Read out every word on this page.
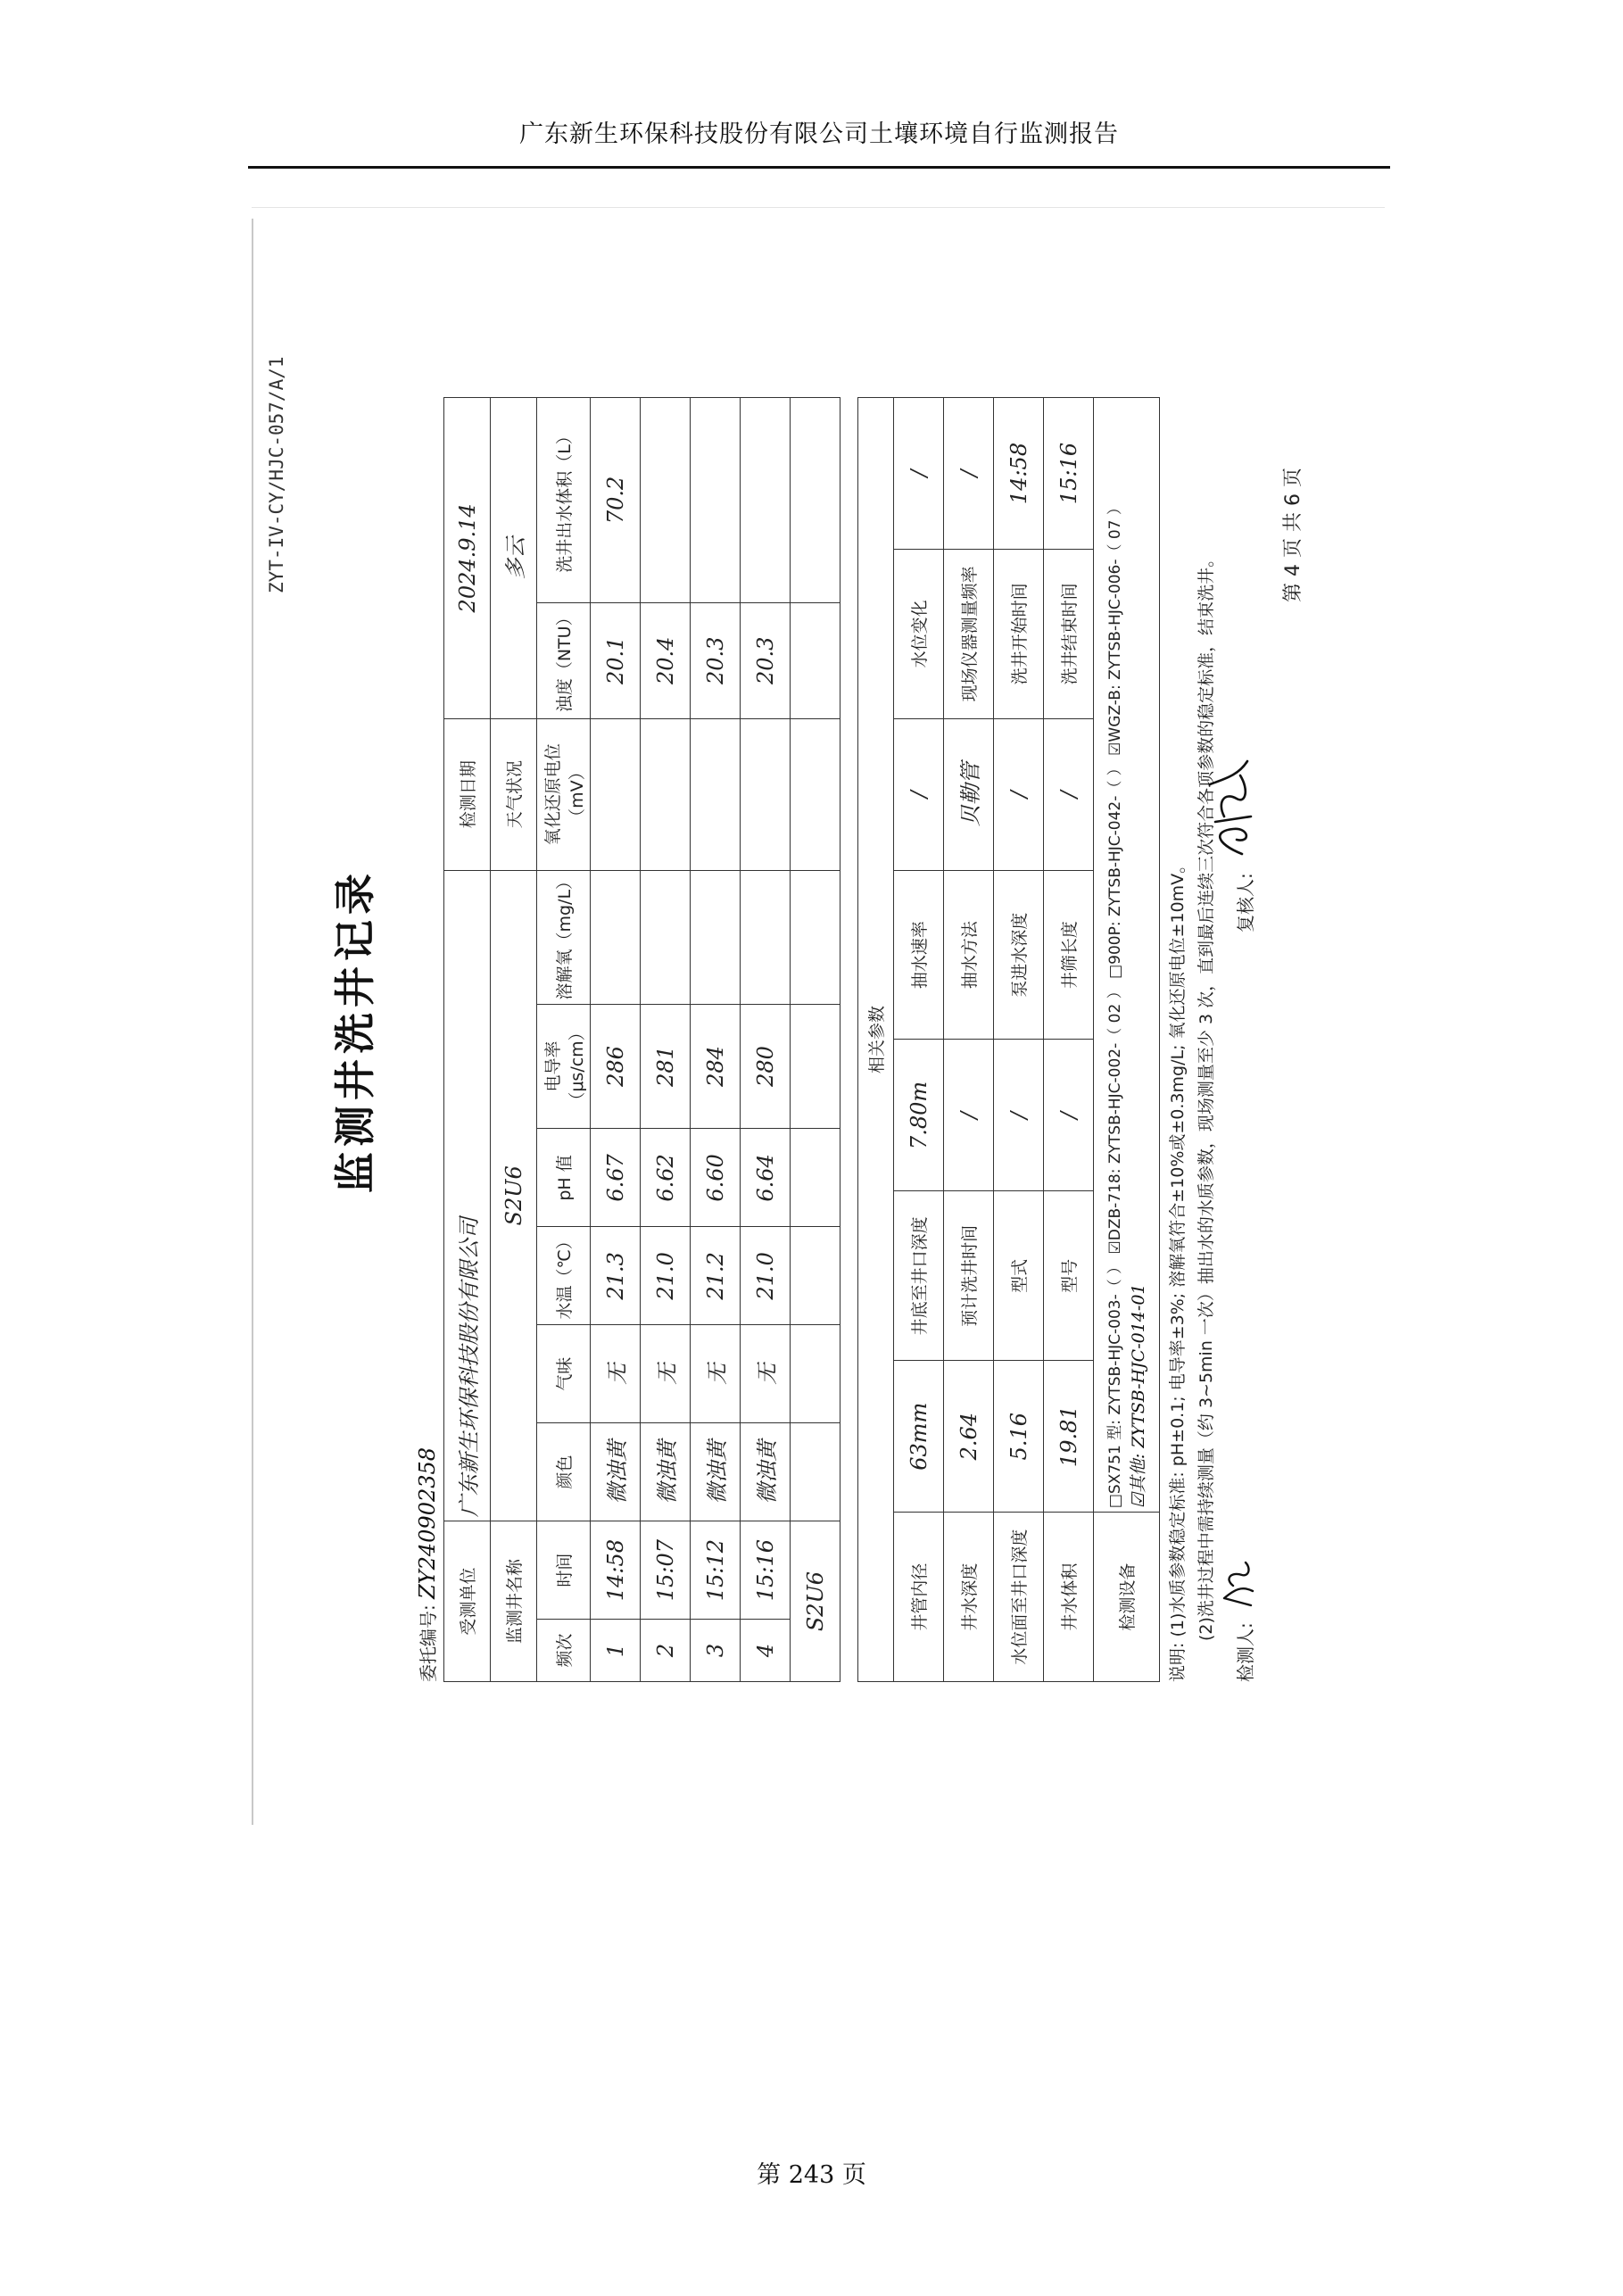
广东新生环保科技股份有限公司土壤环境自行监测报告
ZYT-IV-CY/HJC-057/A/1
监测井洗井记录
委托编号: ZY240902358
受测单位		广东新生环保科技股份有限公司						检测日期	2024.9.14	
监测井名称		S2U6						天气状况	多云	
频次	时间	颜色	气味	水温（℃）	pH 值	电导率（μs/cm）	溶解氧（mg/L）	氧化还原电位（mV）	浊度（NTU）	洗井出水体积（L）
1	14:58	微浊黄	无	21.3	6.67	286			20.1	70.2
2	15:07	微浊黄	无	21.0	6.62	281			20.4	
3	15:12	微浊黄	无	21.2	6.60	284			20.3	
4	15:16	微浊黄	无	21.0	6.64	280			20.3	
S2U6										
相关参数							
井管内径	63mm	井底至井口深度	7.80m	抽水速率	/	水位变化	/
井水深度	2.64	预计洗井时间	/	抽水方法	贝勒管	现场仪器测量频率	/
水位面至井口深度	5.16	型式	/	泵进水深度	/	洗井开始时间	14:58
井水体积	19.81	型号	/	井筛长度	/	洗井结束时间	15:16
检测设备	□SX751 型: ZYTSB-HJC-003-（ ） ☑DZB-718: ZYTSB-HJC-002-（ 02 ） □900P: ZYTSB-HJC-042-（ ） ☑WGZ-B: ZYTSB-HJC-006-（ 07 ） ☑其他: ZYTSB-HJC-014-01						说明: (1)水质参数稳定标准: pH±0.1; 电导率±3%; 溶解氧符合±10%或±0.3mg/L; 氧化还原电位±10mV。 (2)洗井过程中需持续测量（约 3~5min 一次）抽出水的水质参数，现场测量至少 3 次，直到最后连续三次符合各项参数的稳定标准，结束洗井。
检测人:
复核人:
第 4 页 共 6 页
第 243 页
